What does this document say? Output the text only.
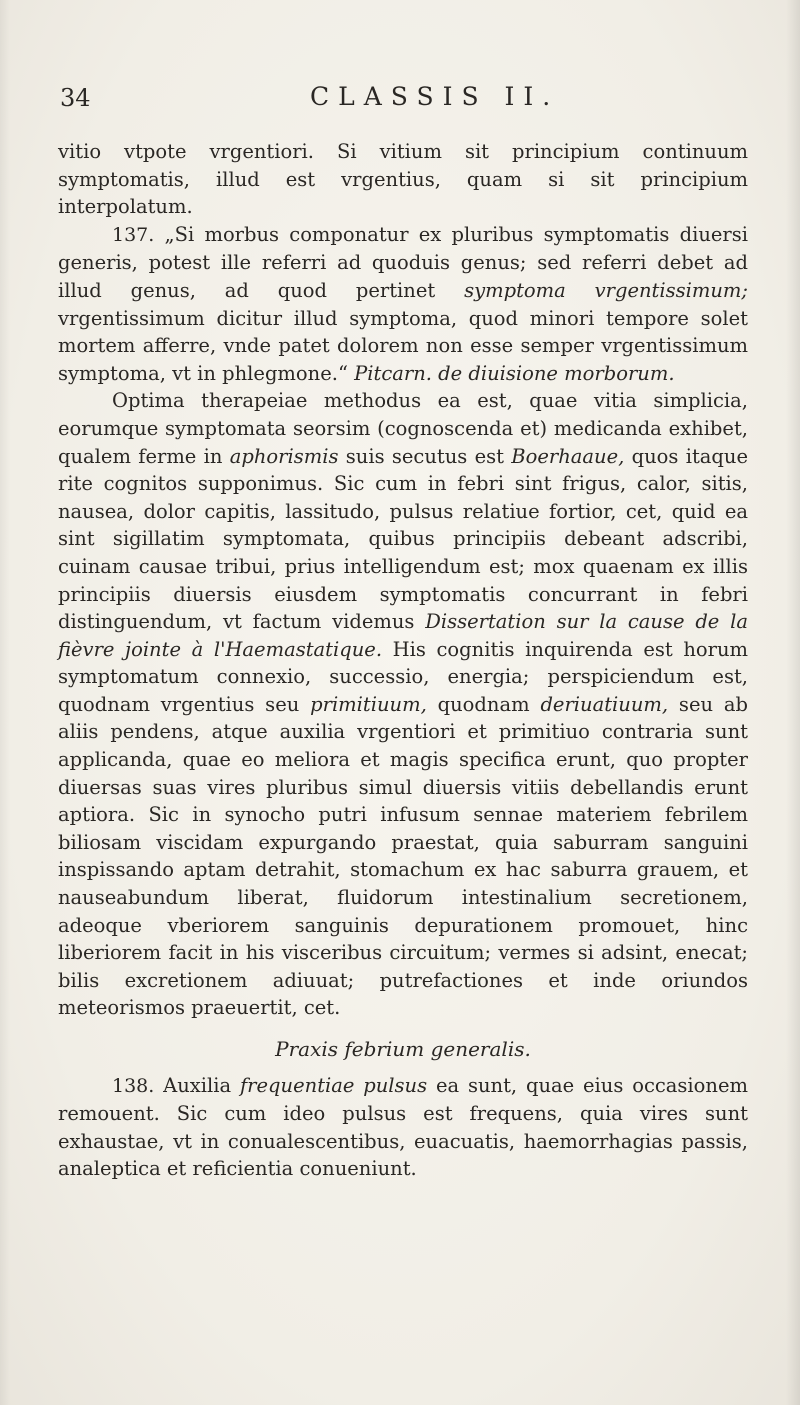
34	CLASSIS II.

vitio vtpote vrgentiori. Si vitium sit principium continuum symptomatis, illud est vrgentius, quam si sit principium interpolatum.

137. „Si morbus componatur ex pluribus symptomatis diuersi generis, potest ille referri ad quoduis genus; sed referri debet ad illud genus, ad quod pertinet symptoma vrgentissimum; vrgentissimum dicitur illud symptoma, quod minori tempore solet mortem afferre, vnde patet dolorem non esse semper vrgentissimum symptoma, vt in phlegmone.“ Pitcarn. de diuisione morborum.

Optima therapeiae methodus ea est, quae vitia simplicia, eorumque symptomata seorsim (cognoscenda et) medicanda exhibet, qualem ferme in aphorismis suis secutus est Boerhaaue, quos itaque rite cognitos supponimus. Sic cum in febri sint frigus, calor, sitis, nausea, dolor capitis, lassitudo, pulsus relatiue fortior, cet, quid ea sint sigillatim symptomata, quibus principiis debeant adscribi, cuinam causae tribui, prius intelligendum est; mox quaenam ex illis principiis diuersis eiusdem symptomatis concurrant in febri distinguendum, vt factum videmus Dissertation sur la cause de la fièvre jointe à l'Haemastatique. His cognitis inquirenda est horum symptomatum connexio, successio, energia; perspiciendum est, quodnam vrgentius seu primitiuum, quodnam deriuatiuum, seu ab aliis pendens, atque auxilia vrgentiori et primitiuo contraria sunt applicanda, quae eo meliora et magis specifica erunt, quo propter diuersas suas vires pluribus simul diuersis vitiis debellandis erunt aptiora. Sic in synocho putri infusum sennae materiem febrilem biliosam viscidam expurgando praestat, quia saburram sanguini inspissando aptam detrahit, stomachum ex hac saburra grauem, et nauseabundum liberat, fluidorum intestinalium secretionem, adeoque vberiorem sanguinis depurationem promouet, hinc liberiorem facit in his visceribus circuitum; vermes si adsint, enecat; bilis excretionem adiuuat; putrefactiones et inde oriundos meteorismos praeuertit, cet.

Praxis febrium generalis.

138. Auxilia frequentiae pulsus ea sunt, quae eius occasionem remouent. Sic cum ideo pulsus est frequens, quia vires sunt exhaustae, vt in conualescentibus, euacuatis, haemorrhagias passis, analeptica et reficientia conueniunt.
